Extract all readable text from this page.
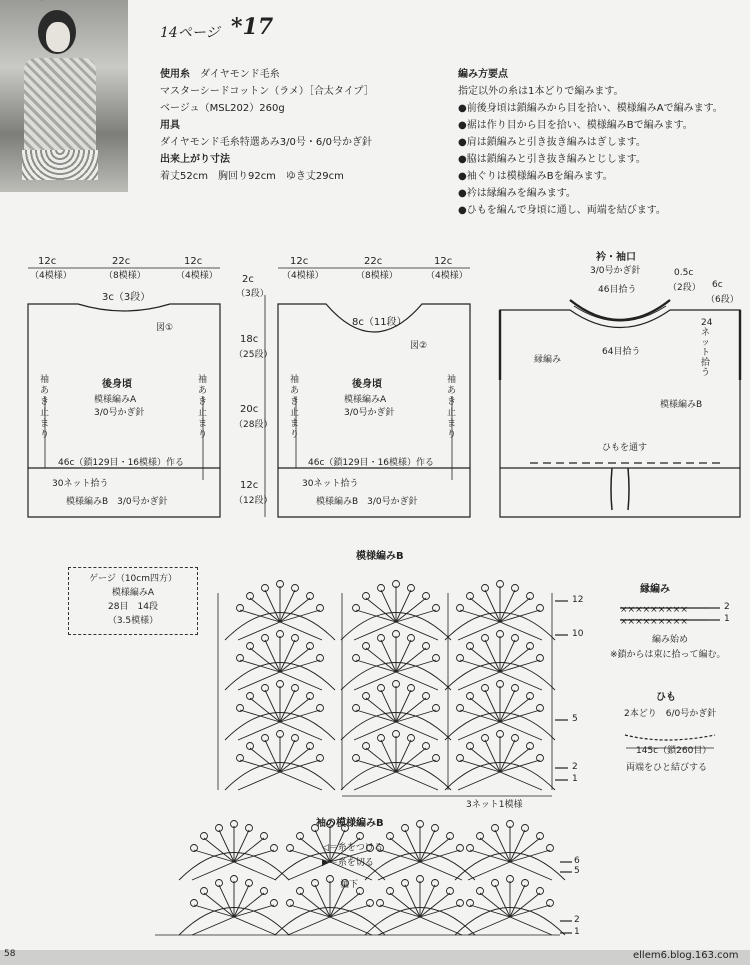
14ページ *17
使用糸　 ダイヤモンド毛糸
マスターシードコットン（ラメ）［合太タイプ］
ベージュ（MSL202）260g
用具
ダイヤモンド毛糸特選あみ3/0号・6/0号かぎ針
出来上がり寸法
着丈52cm　胸回り92cm　ゆき丈29cm
編み方要点
指定以外の糸は1本どりで編みます。
●前後身頃は鎖編みから目を拾い、模様編みAで編みます。
●裾は作り目から目を拾い、模様編みBで編みます。
●肩は鎖編みと引き抜き編みはぎします。
●脇は鎖編みと引き抜き編みとじします。
●袖ぐりは模様編みBを編みます。
●衿は縁編みを編みます。
●ひもを編んで身頃に通し、両端を結びます。
×××××××××
×××××××××
12c
（4模様）
22c
（8模様）
12c
（4模様）
3c（3段）
図①
後身頃
模様編みA
3/0号かぎ針
袖あき止まり
袖あき止まり
46c（鎖129目・16模様）作る
30ネット拾う
模様編みB　3/0号かぎ針
2c
（3段）
18c
（25段）
20c
（28段）
12c
（12段）
12c
（4模様）
22c
（8模様）
12c
（4模様）
8c（11段）
図②
後身頃
模様編みA
3/0号かぎ針
袖あき止まり
袖あき止まり
46c（鎖129目・16模様）作る
30ネット拾う
模様編みB　3/0号かぎ針
衿・袖口
3/0号かぎ針
46目拾う
0.5c
（2段） 6c
（6段）
24ネット拾う
縁編み
64目拾う
模様編みB
ひもを通す
ゲージ（10cm四方）
模様編みA
28目　14段
（3.5模様）
模様編みB
12
10
5
2
1
3ネット1模様
縁編み
2
1
編み始め
※鎖からは束に拾って編む。
ひも
2本どり　6/0号かぎ針
145c（鎖260目）
両端をひと結びする
袖の模様編みB
◁＝糸をつける
▶＝糸を切る
袖下
6
5
2
1
58	ellem6.blog.163.com
